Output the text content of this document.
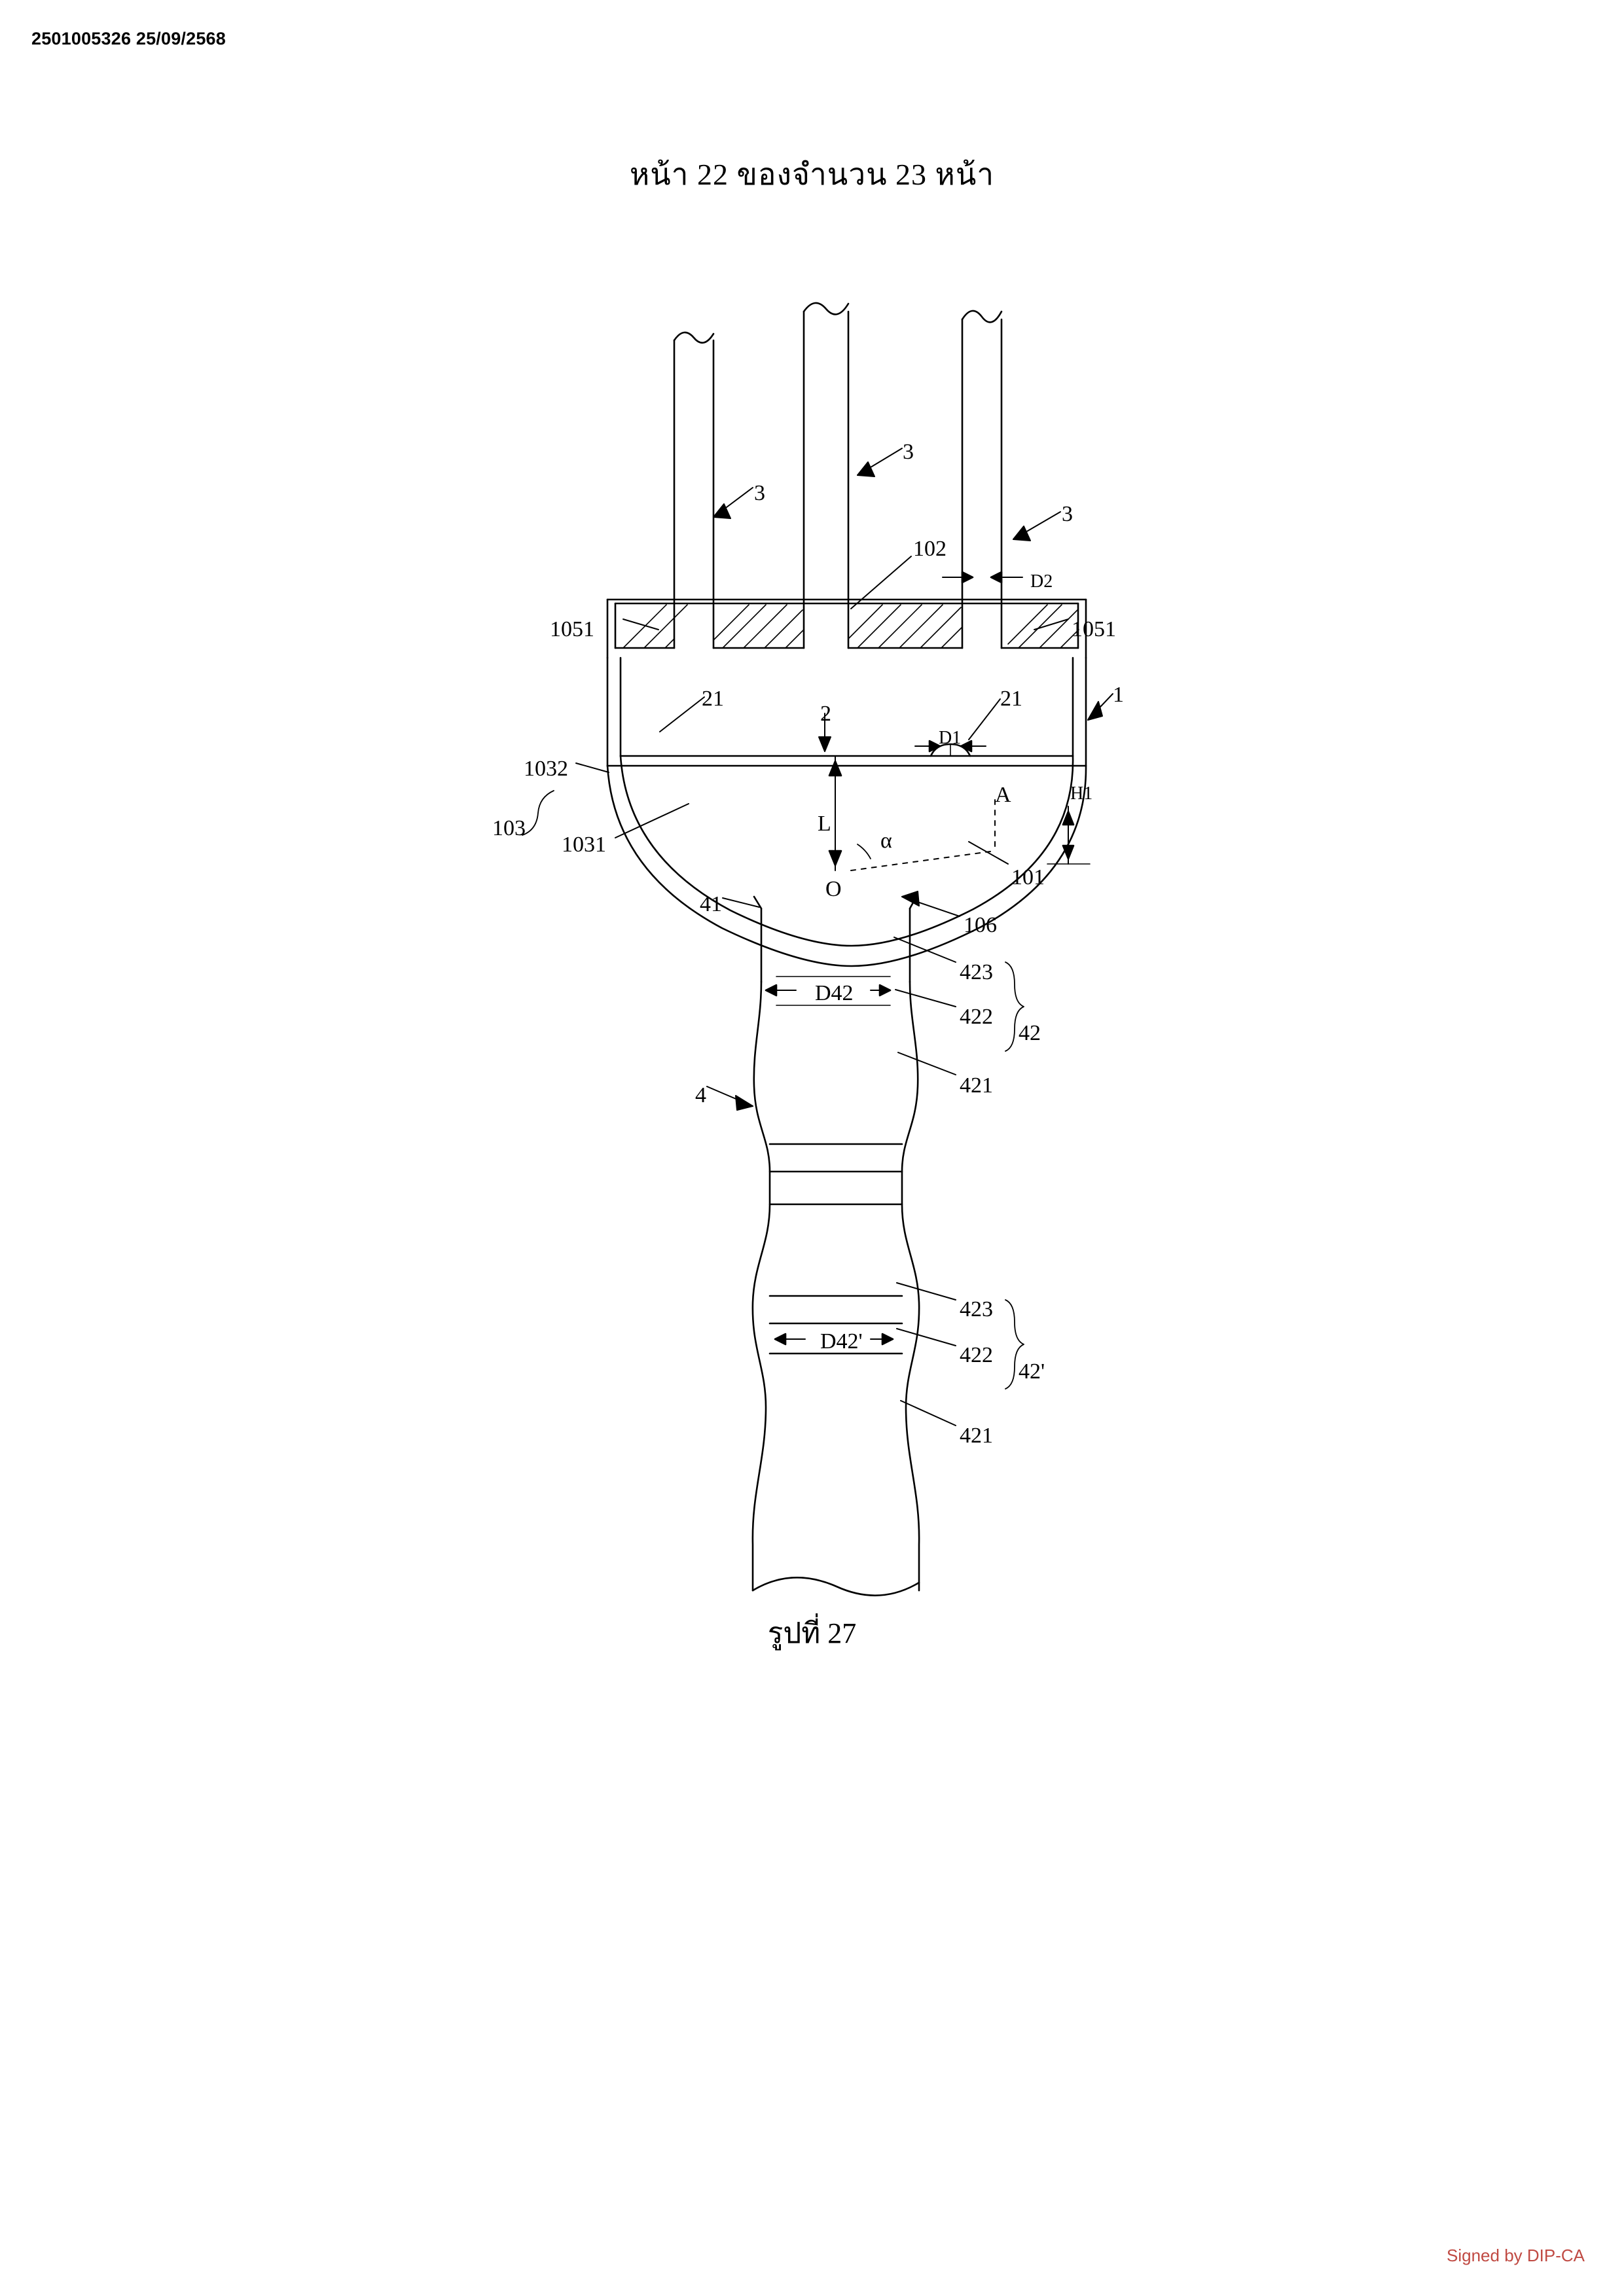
2501005326 25/09/2568
หน้า 22 ของจำนวน 23 หน้า
3
3
3
102
D2
1051	1051
21
2
D1
21	1
1032
A	H1
L
103
1031	α
O	101
41
106
423
D42
422
42
421
4
423
D42'
422
42'
421
รูปที่ 27
Signed by DIP-CA
